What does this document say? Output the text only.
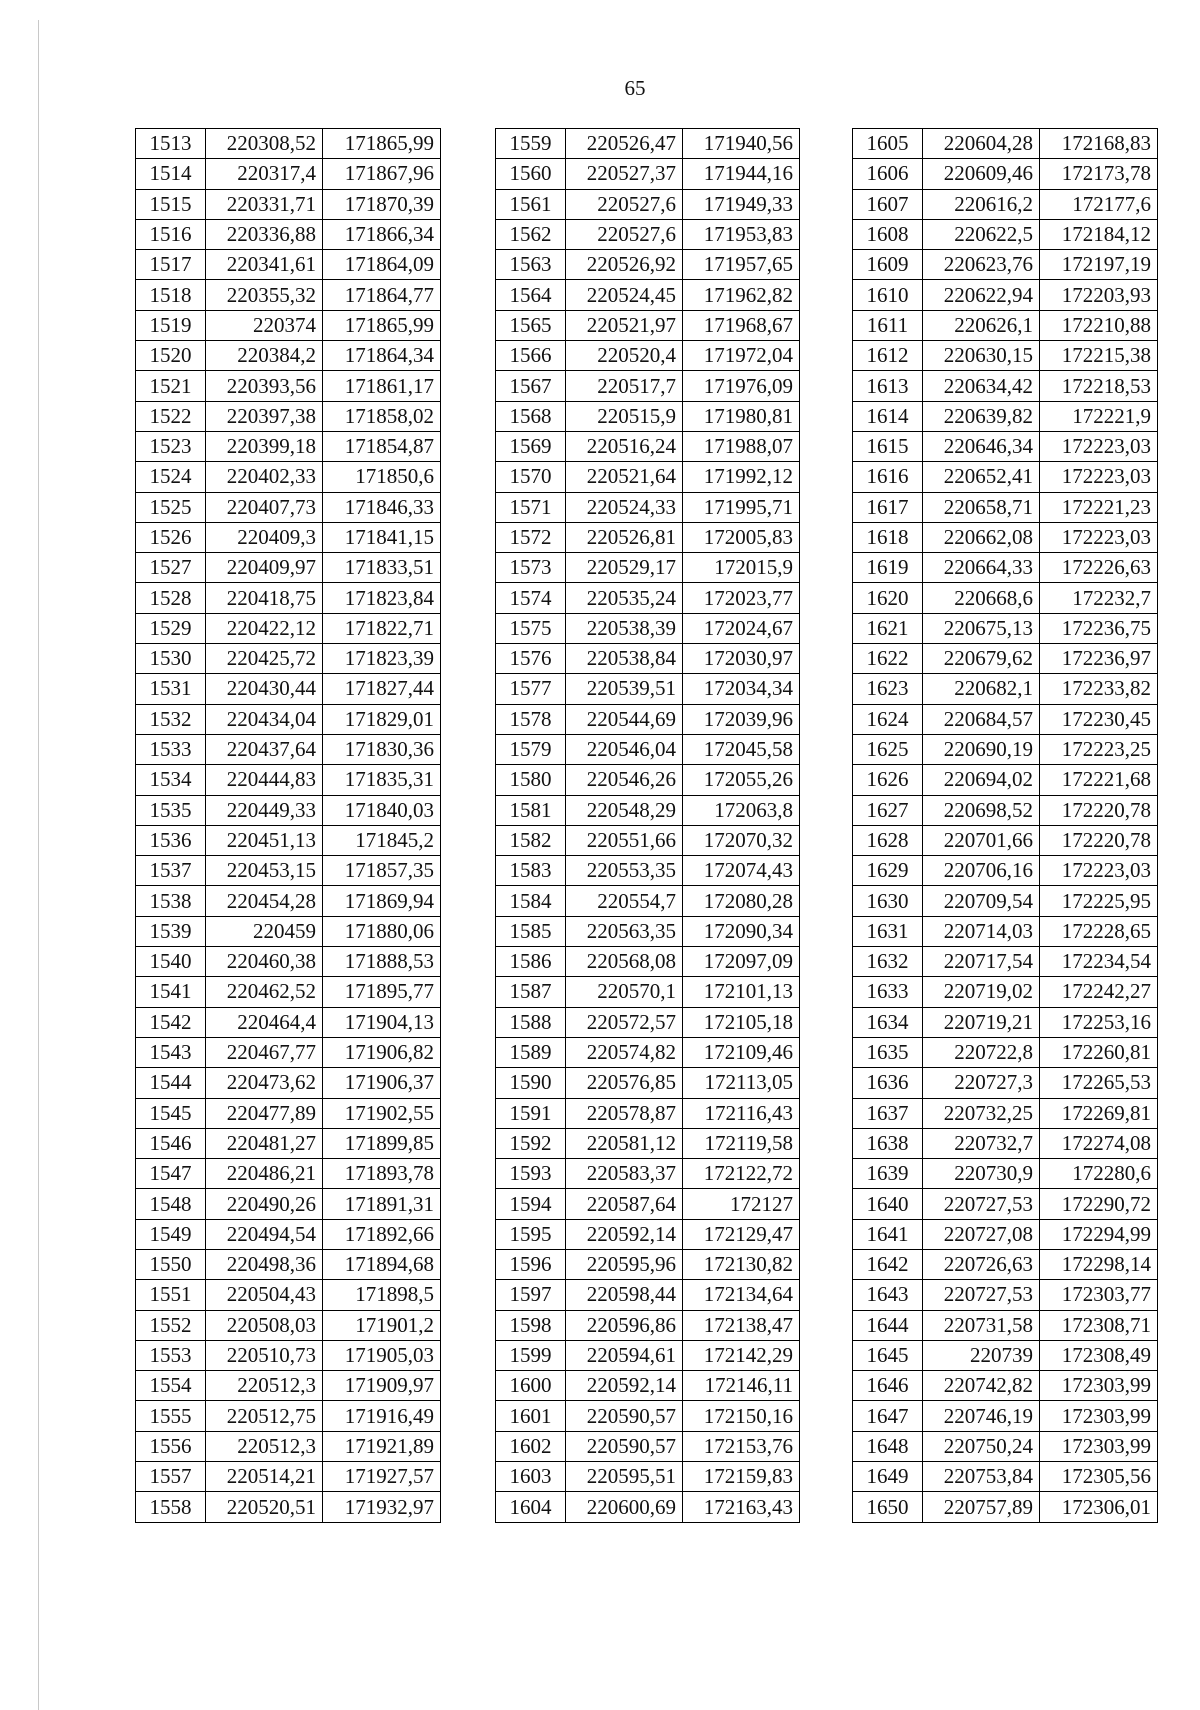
65
1513	220308,52	171865,99
1514	220317,4	171867,96
1515	220331,71	171870,39
1516	220336,88	171866,34
1517	220341,61	171864,09
1518	220355,32	171864,77
1519	220374	171865,99
1520	220384,2	171864,34
1521	220393,56	171861,17
1522	220397,38	171858,02
1523	220399,18	171854,87
1524	220402,33	171850,6
1525	220407,73	171846,33
1526	220409,3	171841,15
1527	220409,97	171833,51
1528	220418,75	171823,84
1529	220422,12	171822,71
1530	220425,72	171823,39
1531	220430,44	171827,44
1532	220434,04	171829,01
1533	220437,64	171830,36
1534	220444,83	171835,31
1535	220449,33	171840,03
1536	220451,13	171845,2
1537	220453,15	171857,35
1538	220454,28	171869,94
1539	220459	171880,06
1540	220460,38	171888,53
1541	220462,52	171895,77
1542	220464,4	171904,13
1543	220467,77	171906,82
1544	220473,62	171906,37
1545	220477,89	171902,55
1546	220481,27	171899,85
1547	220486,21	171893,78
1548	220490,26	171891,31
1549	220494,54	171892,66
1550	220498,36	171894,68
1551	220504,43	171898,5
1552	220508,03	171901,2
1553	220510,73	171905,03
1554	220512,3	171909,97
1555	220512,75	171916,49
1556	220512,3	171921,89
1557	220514,21	171927,57
1558	220520,51	171932,97
1559	220526,47	171940,56
1560	220527,37	171944,16
1561	220527,6	171949,33
1562	220527,6	171953,83
1563	220526,92	171957,65
1564	220524,45	171962,82
1565	220521,97	171968,67
1566	220520,4	171972,04
1567	220517,7	171976,09
1568	220515,9	171980,81
1569	220516,24	171988,07
1570	220521,64	171992,12
1571	220524,33	171995,71
1572	220526,81	172005,83
1573	220529,17	172015,9
1574	220535,24	172023,77
1575	220538,39	172024,67
1576	220538,84	172030,97
1577	220539,51	172034,34
1578	220544,69	172039,96
1579	220546,04	172045,58
1580	220546,26	172055,26
1581	220548,29	172063,8
1582	220551,66	172070,32
1583	220553,35	172074,43
1584	220554,7	172080,28
1585	220563,35	172090,34
1586	220568,08	172097,09
1587	220570,1	172101,13
1588	220572,57	172105,18
1589	220574,82	172109,46
1590	220576,85	172113,05
1591	220578,87	172116,43
1592	220581,12	172119,58
1593	220583,37	172122,72
1594	220587,64	172127
1595	220592,14	172129,47
1596	220595,96	172130,82
1597	220598,44	172134,64
1598	220596,86	172138,47
1599	220594,61	172142,29
1600	220592,14	172146,11
1601	220590,57	172150,16
1602	220590,57	172153,76
1603	220595,51	172159,83
1604	220600,69	172163,43
1605	220604,28	172168,83
1606	220609,46	172173,78
1607	220616,2	172177,6
1608	220622,5	172184,12
1609	220623,76	172197,19
1610	220622,94	172203,93
1611	220626,1	172210,88
1612	220630,15	172215,38
1613	220634,42	172218,53
1614	220639,82	172221,9
1615	220646,34	172223,03
1616	220652,41	172223,03
1617	220658,71	172221,23
1618	220662,08	172223,03
1619	220664,33	172226,63
1620	220668,6	172232,7
1621	220675,13	172236,75
1622	220679,62	172236,97
1623	220682,1	172233,82
1624	220684,57	172230,45
1625	220690,19	172223,25
1626	220694,02	172221,68
1627	220698,52	172220,78
1628	220701,66	172220,78
1629	220706,16	172223,03
1630	220709,54	172225,95
1631	220714,03	172228,65
1632	220717,54	172234,54
1633	220719,02	172242,27
1634	220719,21	172253,16
1635	220722,8	172260,81
1636	220727,3	172265,53
1637	220732,25	172269,81
1638	220732,7	172274,08
1639	220730,9	172280,6
1640	220727,53	172290,72
1641	220727,08	172294,99
1642	220726,63	172298,14
1643	220727,53	172303,77
1644	220731,58	172308,71
1645	220739	172308,49
1646	220742,82	172303,99
1647	220746,19	172303,99
1648	220750,24	172303,99
1649	220753,84	172305,56
1650	220757,89	172306,01
